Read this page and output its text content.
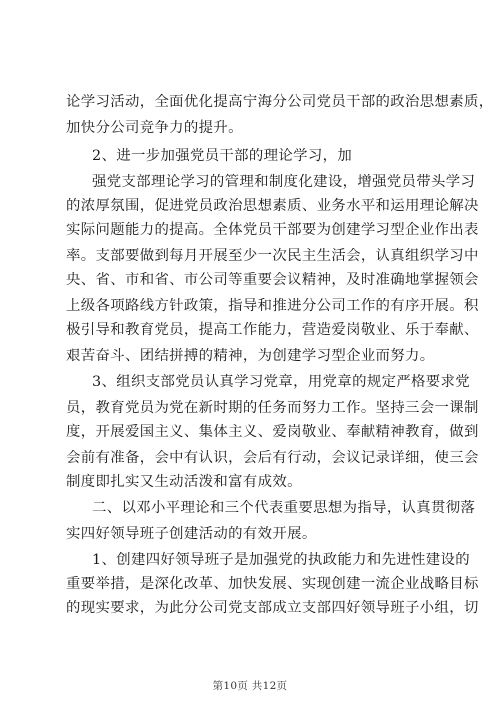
论学习活动，全面优化提高宁海分公司党员干部的政治思想素质，
加快分公司竞争力的提升。
2、进一步加强党员干部的理论学习，加
强党支部理论学习的管理和制度化建设，增强党员带头学习
的浓厚氛围，促进党员政治思想素质、业务水平和运用理论解决
实际问题能力的提高。全体党员干部要为创建学习型企业作出表
率。支部要做到每月开展至少一次民主生活会，认真组织学习中
央、省、市和省、市公司等重要会议精神，及时准确地掌握领会
上级各项路线方针政策，指导和推进分公司工作的有序开展。积
极引导和教育党员，提高工作能力，营造爱岗敬业、乐于奉献、
艰苦奋斗、团结拼搏的精神，为创建学习型企业而努力。
3、组织支部党员认真学习党章，用党章的规定严格要求党
员，教育党员为党在新时期的任务而努力工作。坚持三会一课制
度，开展爱国主义、集体主义、爱岗敬业、奉献精神教育，做到
会前有准备，会中有认识，会后有行动，会议记录详细，使三会
制度即扎实又生动活泼和富有成效。
二、以邓小平理论和三个代表重要思想为指导，认真贯彻落
实四好领导班子创建活动的有效开展。
1、创建四好领导班子是加强党的执政能力和先进性建设的
重要举措，是深化改革、加快发展、实现创建一流企业战略目标
的现实要求，为此分公司党支部成立支部四好领导班子小组，切
第10页 共12页
